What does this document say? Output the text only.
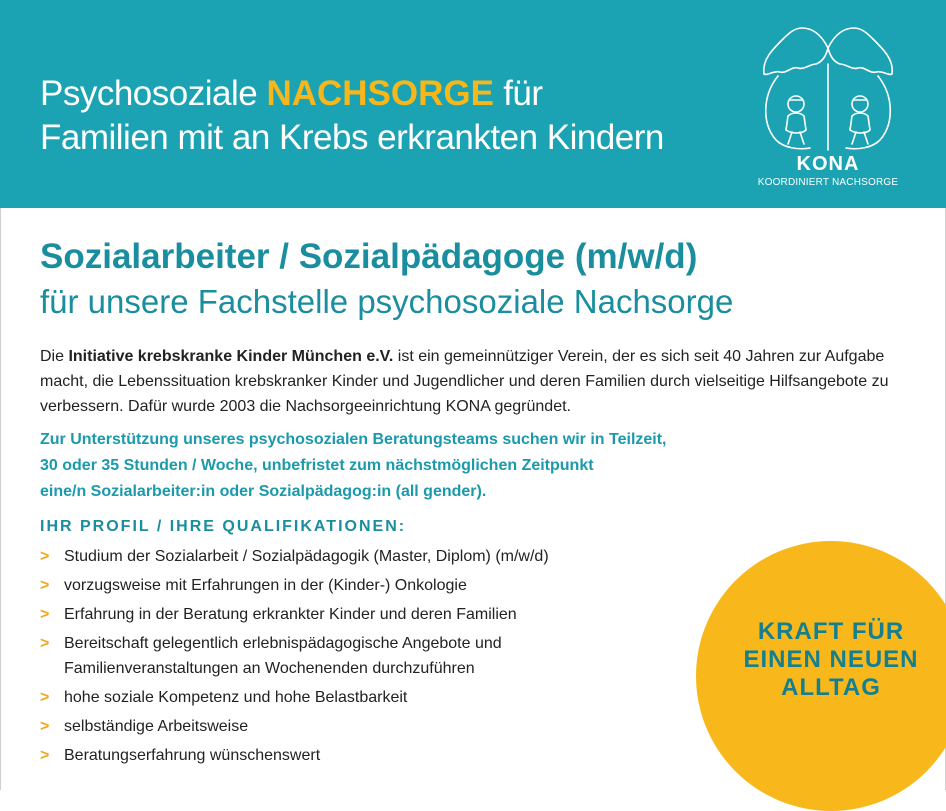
Psychosoziale NACHSORGE für
Familien mit an Krebs erkrankten Kindern
KONA
KOORDINIERT NACHSORGE
Sozialarbeiter / Sozialpädagoge (m/w/d)
für unsere Fachstelle psychosoziale Nachsorge
Die Initiative krebskranke Kinder München e.V. ist ein gemeinnütziger Verein, der es sich seit 40 Jahren zur Aufgabe macht, die Lebenssituation krebskranker Kinder und Jugendlicher und deren Familien durch vielseitige Hilfsangebote zu verbessern. Dafür wurde 2003 die Nachsorgeeinrichtung KONA gegründet.
Zur Unterstützung unseres psychosozialen Beratungsteams suchen wir in Teilzeit,
30 oder 35 Stunden / Woche, unbefristet zum nächstmöglichen Zeitpunkt
eine/n Sozialarbeiter:in oder Sozialpädagog:in (all gender).
IHR PROFIL / IHRE QUALIFIKATIONEN:
> Studium der Sozialarbeit / Sozialpädagogik (Master, Diplom) (m/w/d)
> vorzugsweise mit Erfahrungen in der (Kinder-) Onkologie
> Erfahrung in der Beratung erkrankter Kinder und deren Familien
> Bereitschaft gelegentlich erlebnispädagogische Angebote und Familienveranstaltungen an Wochenenden durchzuführen
> hohe soziale Kompetenz und hohe Belastbarkeit
> selbständige Arbeitsweise
> Beratungserfahrung wünschenswert
KRAFT FÜR
EINEN NEUEN
ALLTAG
